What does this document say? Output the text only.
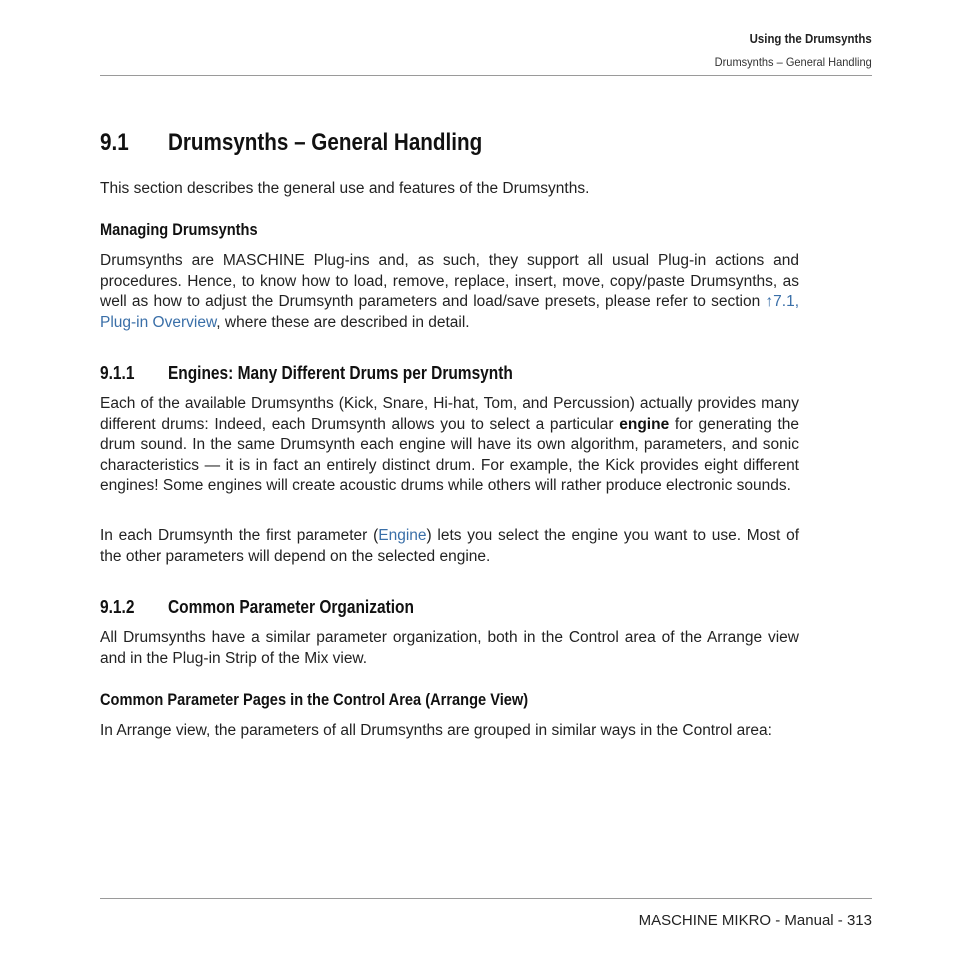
Using the Drumsynths
Drumsynths – General Handling
9.1 Drumsynths – General Handling

This section describes the general use and features of the Drumsynths.

Managing Drumsynths

Drumsynths are MASCHINE Plug-ins and, as such, they support all usual Plug-in actions and procedures. Hence, to know how to load, remove, replace, insert, move, copy/paste Drumsynths, as well as how to adjust the Drumsynth parameters and load/save presets, please refer to section ↑7.1, Plug-in Overview, where these are described in detail.

9.1.1 Engines: Many Different Drums per Drumsynth

Each of the available Drumsynths (Kick, Snare, Hi-hat, Tom, and Percussion) actually provides many different drums: Indeed, each Drumsynth allows you to select a particular engine for generating the drum sound. In the same Drumsynth each engine will have its own algorithm, parameters, and sonic characteristics — it is in fact an entirely distinct drum. For example, the Kick provides eight different engines! Some engines will create acoustic drums while others will rather produce electronic sounds.

In each Drumsynth the first parameter (Engine) lets you select the engine you want to use. Most of the other parameters will depend on the selected engine.

9.1.2 Common Parameter Organization

All Drumsynths have a similar parameter organization, both in the Control area of the Arrange view and in the Plug-in Strip of the Mix view.

Common Parameter Pages in the Control Area (Arrange View)

In Arrange view, the parameters of all Drumsynths are grouped in similar ways in the Control area:

MASCHINE MIKRO - Manual - 313
